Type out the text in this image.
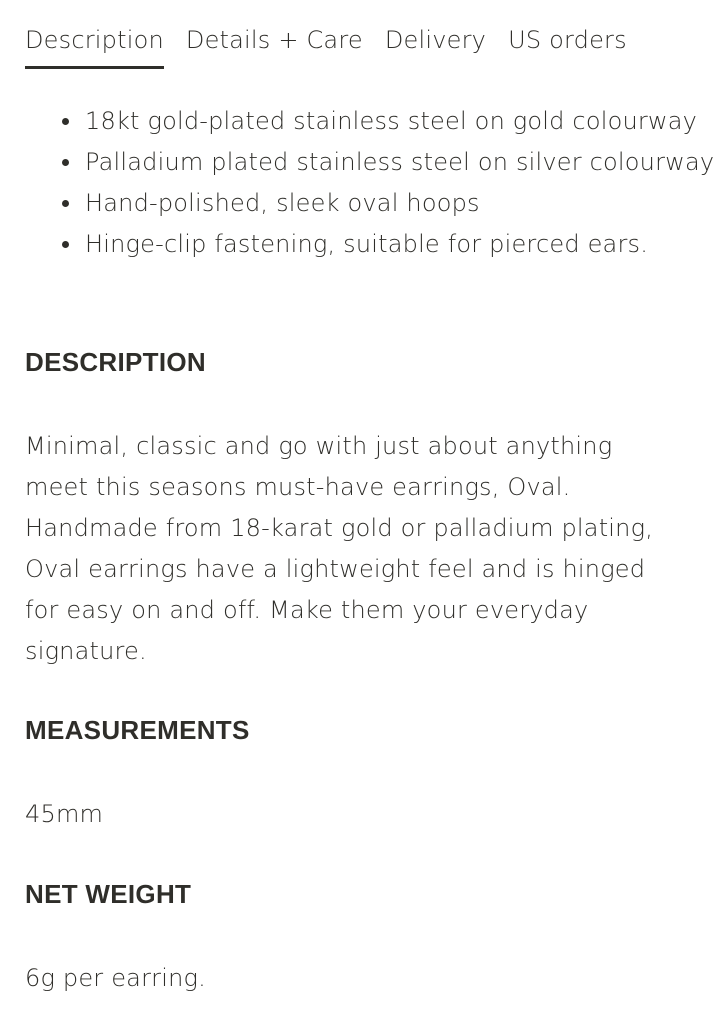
Description Details + Care Delivery US orders
18kt gold-plated stainless steel on gold colourway
Palladium plated stainless steel on silver colourway
Hand-polished, sleek oval hoops
Hinge-clip fastening, suitable for pierced ears.
DESCRIPTION

Minimal, classic and go with just about anything meet this seasons must-have earrings, Oval. Handmade from 18-karat gold or palladium plating, Oval earrings have a lightweight feel and is hinged for easy on and off. Make them your everyday signature.

MEASUREMENTS

45mm

NET WEIGHT

6g per earring.
